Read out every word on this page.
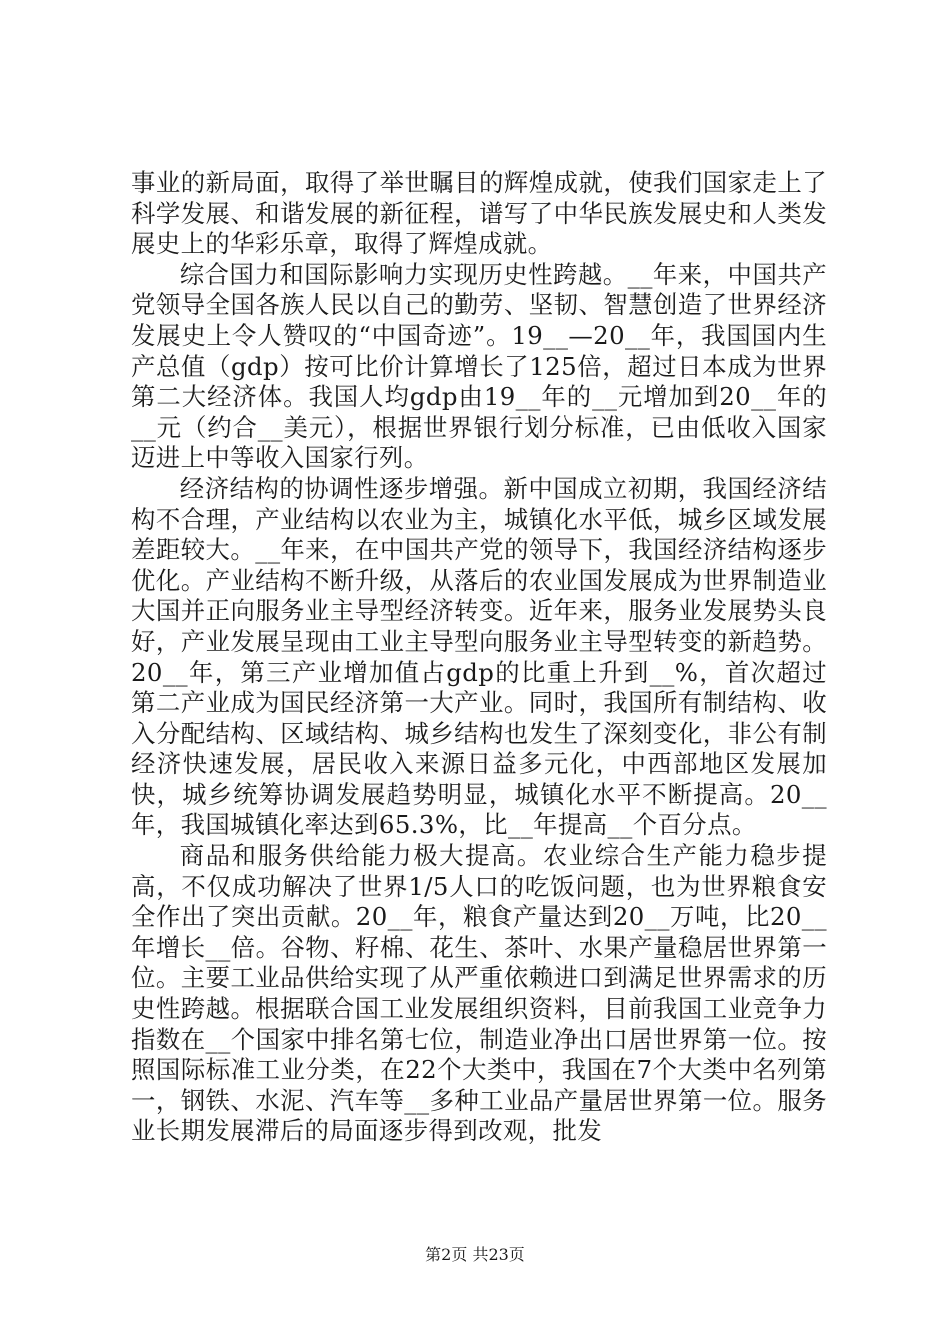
事业的新局面，取得了举世瞩目的辉煌成就，使我们国家走上了科学发展、和谐发展的新征程，谱写了中华民族发展史和人类发展史上的华彩乐章，取得了辉煌成就。

综合国力和国际影响力实现历史性跨越。__年来，中国共产党领导全国各族人民以自己的勤劳、坚韧、智慧创造了世界经济发展史上令人赞叹的“中国奇迹”。19__—20__年，我国国内生产总值（gdp）按可比价计算增长了125倍，超过日本成为世界第二大经济体。我国人均gdp由19__年的__元增加到20__年的__元（约合__美元），根据世界银行划分标准，已由低收入国家迈进上中等收入国家行列。

经济结构的协调性逐步增强。新中国成立初期，我国经济结构不合理，产业结构以农业为主，城镇化水平低，城乡区域发展差距较大。__年来，在中国共产党的领导下，我国经济结构逐步优化。产业结构不断升级，从落后的农业国发展成为世界制造业大国并正向服务业主导型经济转变。近年来，服务业发展势头良好，产业发展呈现由工业主导型向服务业主导型转变的新趋势。20__年，第三产业增加值占gdp的比重上升到__%，首次超过第二产业成为国民经济第一大产业。同时，我国所有制结构、收入分配结构、区域结构、城乡结构也发生了深刻变化，非公有制经济快速发展，居民收入来源日益多元化，中西部地区发展加快，城乡统筹协调发展趋势明显，城镇化水平不断提高。20__年，我国城镇化率达到65.3%，比__年提高__个百分点。

商品和服务供给能力极大提高。农业综合生产能力稳步提高，不仅成功解决了世界1/5人口的吃饭问题，也为世界粮食安全作出了突出贡献。20__年，粮食产量达到20__万吨，比20__年增长__倍。谷物、籽棉、花生、茶叶、水果产量稳居世界第一位。主要工业品供给实现了从严重依赖进口到满足世界需求的历史性跨越。根据联合国工业发展组织资料，目前我国工业竞争力指数在__个国家中排名第七位，制造业净出口居世界第一位。按照国际标准工业分类，在22个大类中，我国在7个大类中名列第一，钢铁、水泥、汽车等__多种工业品产量居世界第一位。服务业长期发展滞后的局面逐步得到改观，批发

第2页 共23页
